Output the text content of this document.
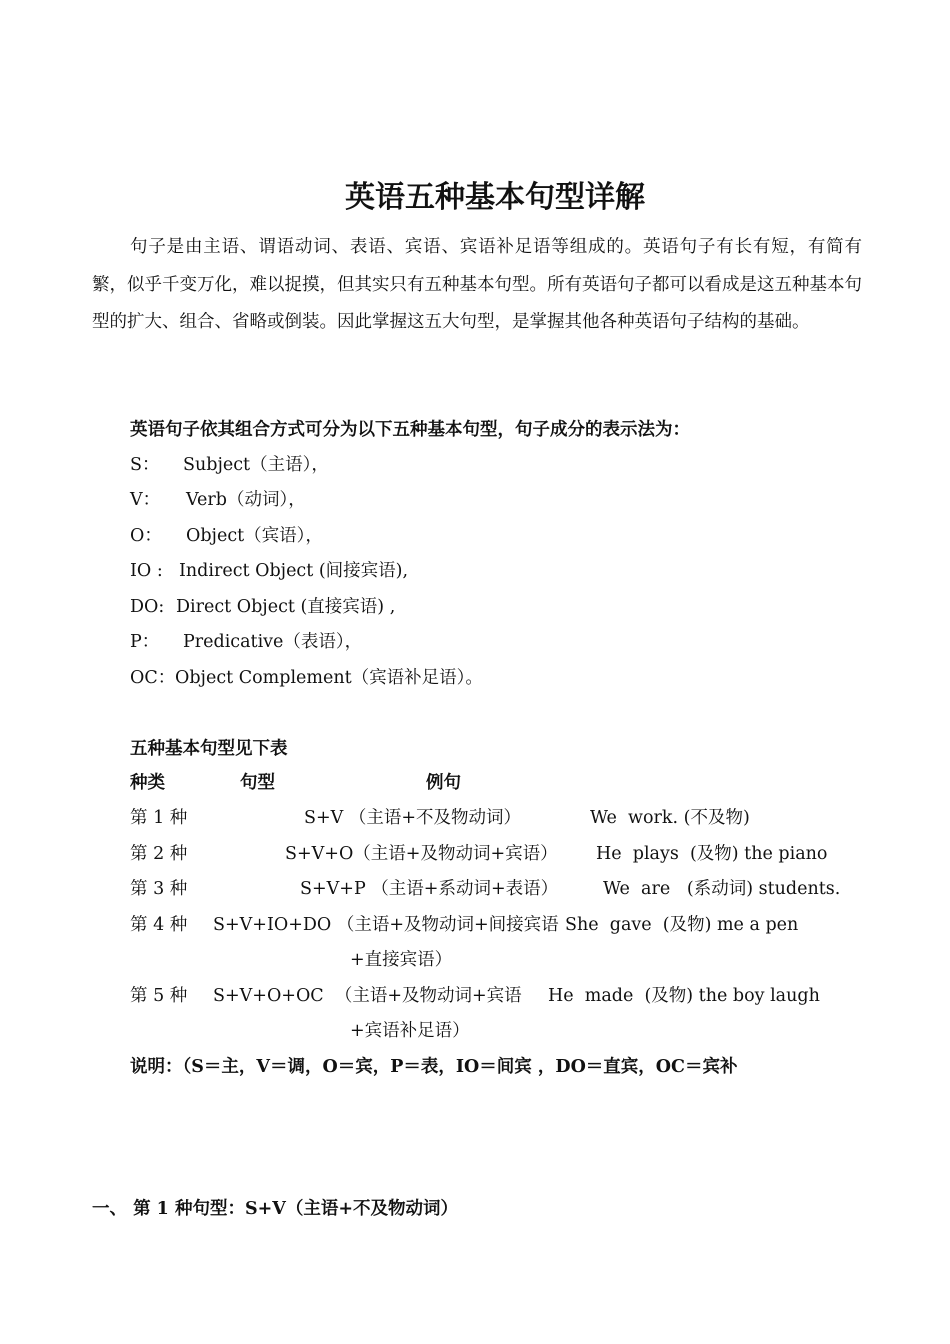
英语五种基本句型详解

句子是由主语、谓语动词、表语、宾语、宾语补足语等组成的。英语句子有长有短，有简有繁，似乎千变万化，难以捉摸，但其实只有五种基本句型。所有英语句子都可以看成是这五种基本句型的扩大、组合、省略或倒装。因此掌握这五大句型，是掌握其他各种英语句子结构的基础。

英语句子依其组合方式可分为以下五种基本句型，句子成分的表示法为：
S： Subject（主语），
V： Verb（动词），
O： Object（宾语），
IO : Indirect Object (间接宾语),
DO: Direct Object (直接宾语) ,
P： Predicative（表语），
OC： Object Complement（宾语补足语）。
五种基本句型见下表
种类	句型	例句
第 1 种	S+V （主语+不及物动词）	We  work. (不及物)
第 2 种	S+V+O（主语+及物动词+宾语） He  plays  (及物) the piano
第 3 种	S+V+P （主语+系动词+表语）	We  are   (系动词) students.
第 4 种 S+V+IO+DO （主语+及物动词+间接宾语 She  gave  (及物) me a pen
+直接宾语）
第 5 种 S+V+O+OC  （主语+及物动词+宾语 He  made  (及物) the boy laugh
+宾语补足语）
说明：（S＝主，V＝调，O＝宾，P＝表，IO＝间宾 ，DO＝直宾，OC＝宾补
一、 第 1 种句型：S+V（主语+不及物动词）
